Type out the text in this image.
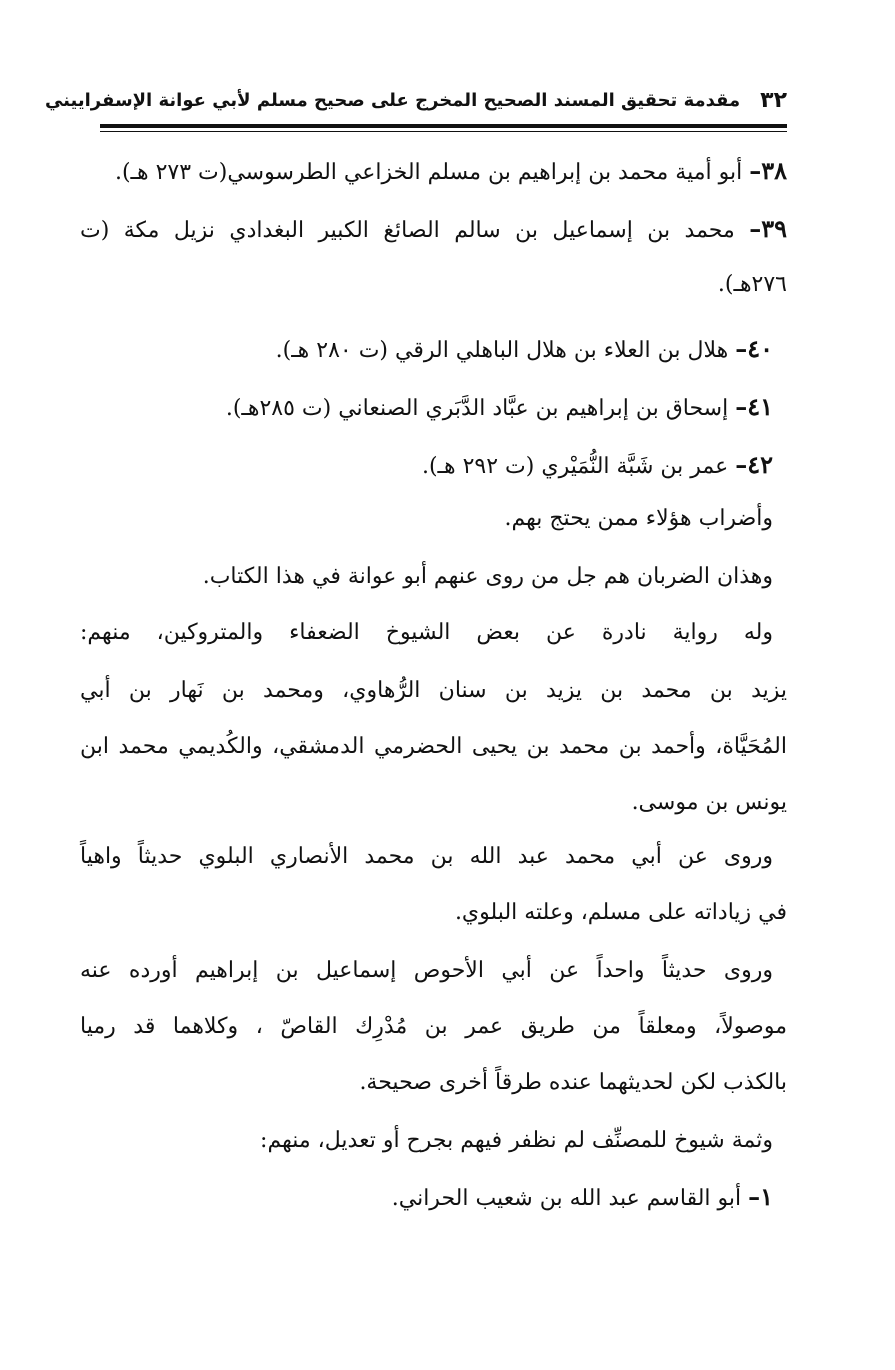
٣٢
مقدمة تحقيق المسند الصحيح المخرج على صحيح مسلم لأبي عوانة الإسفراييني
٣٨– أبو أمية محمد بن إبراهيم بن مسلم الخزاعي الطرسوسي(ت ٢٧٣ هـ).
٣٩– محمد بن إسماعيل بن سالم الصائغ الكبير البغدادي نزيل مكة (ت
٢٧٦هـ).
٤٠– هلال بن العلاء بن هلال الباهلي الرقي (ت ٢٨٠ هـ).
٤١– إسحاق بن إبراهيم بن عبَّاد الدَّبَري الصنعاني (ت ٢٨٥هـ).
٤٢– عمر بن شَبَّة النُّمَيْري (ت ٢٩٢ هـ).
وأضراب هؤلاء ممن يحتج بهم.
وهذان الضربان هم جل من روى عنهم أبو عوانة في هذا الكتاب.
وله رواية نادرة عن بعض الشيوخ الضعفاء والمتروكين، منهم:
يزيد بن محمد بن يزيد بن سنان الرُّهاوي، ومحمد بن نَهار بن أبي
المُحَيَّاة، وأحمد بن محمد بن يحيى الحضرمي الدمشقي، والكُديمي محمد ابن
يونس بن موسى.
وروى عن أبي محمد عبد الله بن محمد الأنصاري البلوي حديثاً واهياً
في زياداته على مسلم، وعلته البلوي.
وروى حديثاً واحداً عن أبي الأحوص إسماعيل بن إبراهيم أورده عنه
موصولاً، ومعلقاً من طريق عمر بن مُدْرِك القاصّ ، وكلاهما قد رميا
بالكذب لكن لحديثهما عنده طرقاً أخرى صحيحة.
وثمة شيوخ للمصنِّف لم نظفر فيهم بجرح أو تعديل، منهم:
١– أبو القاسم عبد الله بن شعيب الحراني.
